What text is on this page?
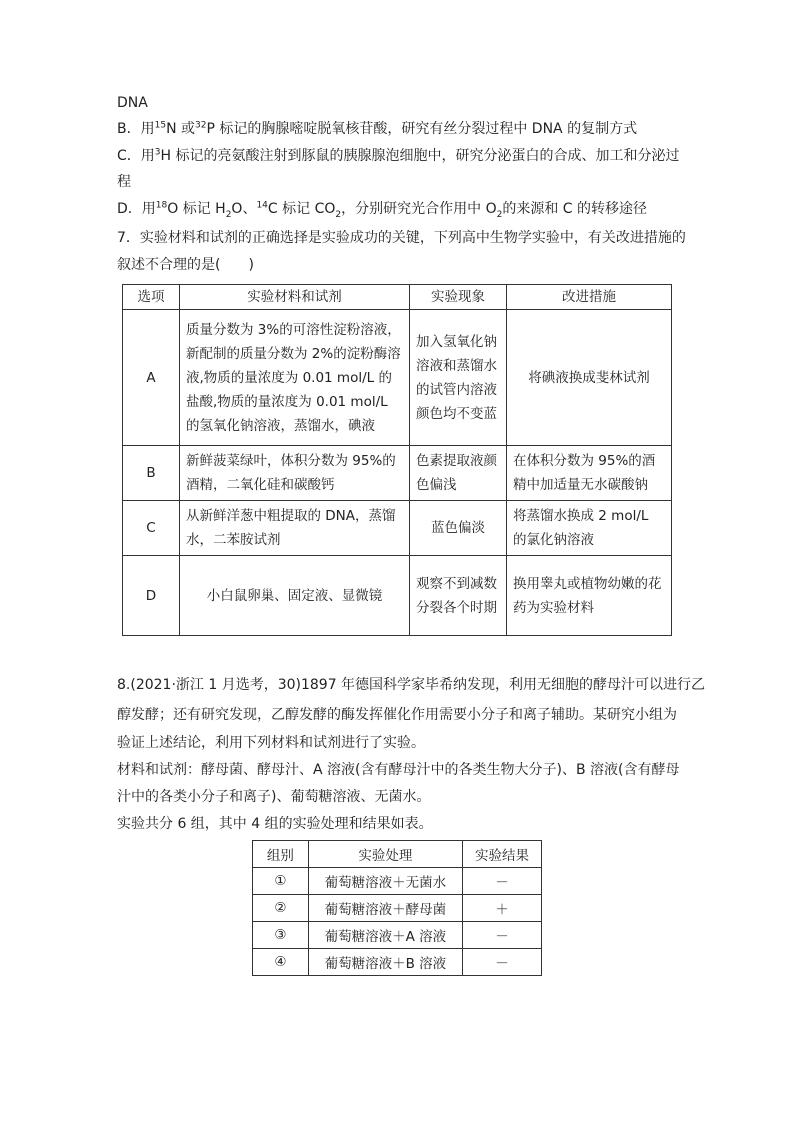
DNA
B．用$^{15}$N 或$^{32}$P 标记的胸腺嘧啶脱氧核苷酸，研究有丝分裂过程中 DNA 的复制方式
C．用$^3$H 标记的亮氨酸注射到豚鼠的胰腺腺泡细胞中，研究分泌蛋白的合成、加工和分泌过
程
D．用$^{18}$O 标记 $H_2O$、$^{14}$C 标记 $CO_2$，分别研究光合作用中 $O_2$的来源和 C 的转移途径
7．实验材料和试剂的正确选择是实验成功的关键，下列高中生物学实验中，有关改进措施的
叙述不合理的是(　　)
选项	实验材料和试剂	实验现象	改进措施
A	质量分数为 3%的可溶性淀粉溶液，新配制的质量分数为 2%的淀粉酶溶液,物质的量浓度为 0.01 mol/L 的盐酸,物质的量浓度为 0.01 mol/L 的氢氧化钠溶液，蒸馏水，碘液	加入氢氧化钠溶液和蒸馏水的试管内溶液颜色均不变蓝	将碘液换成斐林试剂
B	新鲜菠菜绿叶，体积分数为 95%的酒精，二氧化硅和碳酸钙	色素提取液颜色偏浅	在体积分数为 95%的酒精中加适量无水碳酸钠
C	从新鲜洋葱中粗提取的 DNA，蒸馏水，二苯胺试剂	蓝色偏淡	将蒸馏水换成 2 mol/L 的氯化钠溶液
D	小白鼠卵巢、固定液、显微镜	观察不到减数分裂各个时期	换用睾丸或植物幼嫩的花药为实验材料
8.(2021·浙江 1 月选考，30)1897 年德国科学家毕希纳发现，利用无细胞的酵母汁可以进行乙
醇发酵；还有研究发现，乙醇发酵的酶发挥催化作用需要小分子和离子辅助。某研究小组为
验证上述结论，利用下列材料和试剂进行了实验。
材料和试剂：酵母菌、酵母汁、A 溶液(含有酵母汁中的各类生物大分子)、B 溶液(含有酵母
汁中的各类小分子和离子)、葡萄糖溶液、无菌水。
实验共分 6 组，其中 4 组的实验处理和结果如表。
组别	实验处理	实验结果
①	葡萄糖溶液＋无菌水	－
②	葡萄糖溶液＋酵母菌	＋
③	葡萄糖溶液＋A 溶液	－
④	葡萄糖溶液＋B 溶液	－
